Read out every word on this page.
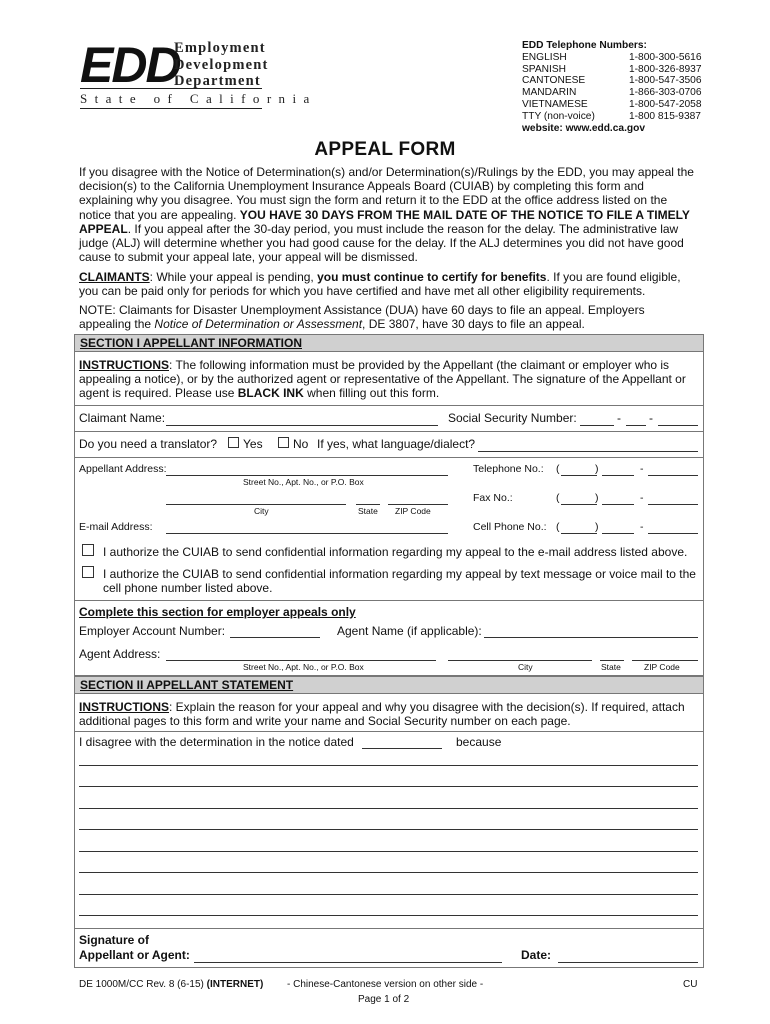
EDD
Employment
Development
Department
State of California
EDD Telephone Numbers:
ENGLISH	1-800-300-5616
SPANISH	1-800-326-8937
CANTONESE	1-800-547-3506
MANDARIN	1-866-303-0706
VIETNAMESE	1-800-547-2058
TTY (non-voice)	1-800 815-9387
website: www.edd.ca.gov
APPEAL FORM
If you disagree with the Notice of Determination(s) and/or Determination(s)/Rulings by the EDD, you may appeal the decision(s) to the California Unemployment Insurance Appeals Board (CUIAB) by completing this form and explaining why you disagree. You must sign the form and return it to the EDD at the office address listed on the notice that you are appealing. YOU HAVE 30 DAYS FROM THE MAIL DATE OF THE NOTICE TO FILE A TIMELY APPEAL. If you appeal after the 30-day period, you must include the reason for the delay. The administrative law judge (ALJ) will determine whether you had good cause for the delay. If the ALJ determines you did not have good cause to submit your appeal late, your appeal will be dismissed.
CLAIMANTS: While your appeal is pending, you must continue to certify for benefits. If you are found eligible, you can be paid only for periods for which you have certified and have met all other eligibility requirements.
NOTE: Claimants for Disaster Unemployment Assistance (DUA) have 60 days to file an appeal. Employers appealing the Notice of Determination or Assessment, DE 3807, have 30 days to file an appeal.
SECTION I APPELLANT INFORMATION
INSTRUCTIONS: The following information must be provided by the Appellant (the claimant or employer who is appealing a notice), or by the authorized agent or representative of the Appellant. The signature of the Appellant or agent is required. Please use BLACK INK when filling out this form.
Claimant Name:	Social Security Number:	- -
Do you need a translator? Yes	No If yes, what language/dialect?
Appellant Address:
Street No., Apt. No., or P.O. Box
City	State ZIP Code
E-mail Address:
Telephone No.: (	)	-
Fax No.:	(	)	-
Cell Phone No.: (	)	-
I authorize the CUIAB to send confidential information regarding my appeal to the e-mail address listed above.
I authorize the CUIAB to send confidential information regarding my appeal by text message or voice mail to the cell phone number listed above.
Complete this section for employer appeals only
Employer Account Number:	Agent Name (if applicable):
Agent Address:
Street No., Apt. No., or P.O. Box	City	State	ZIP Code
SECTION II APPELLANT STATEMENT
INSTRUCTIONS: Explain the reason for your appeal and why you disagree with the decision(s). If required, attach additional pages to this form and write your name and Social Security number on each page.
I disagree with the determination in the notice dated	because
Signature of
Appellant or Agent:	Date:
DE 1000M/CC Rev. 8 (6-15) (INTERNET) - Chinese-Cantonese version on other side -	CU
Page 1 of 2
